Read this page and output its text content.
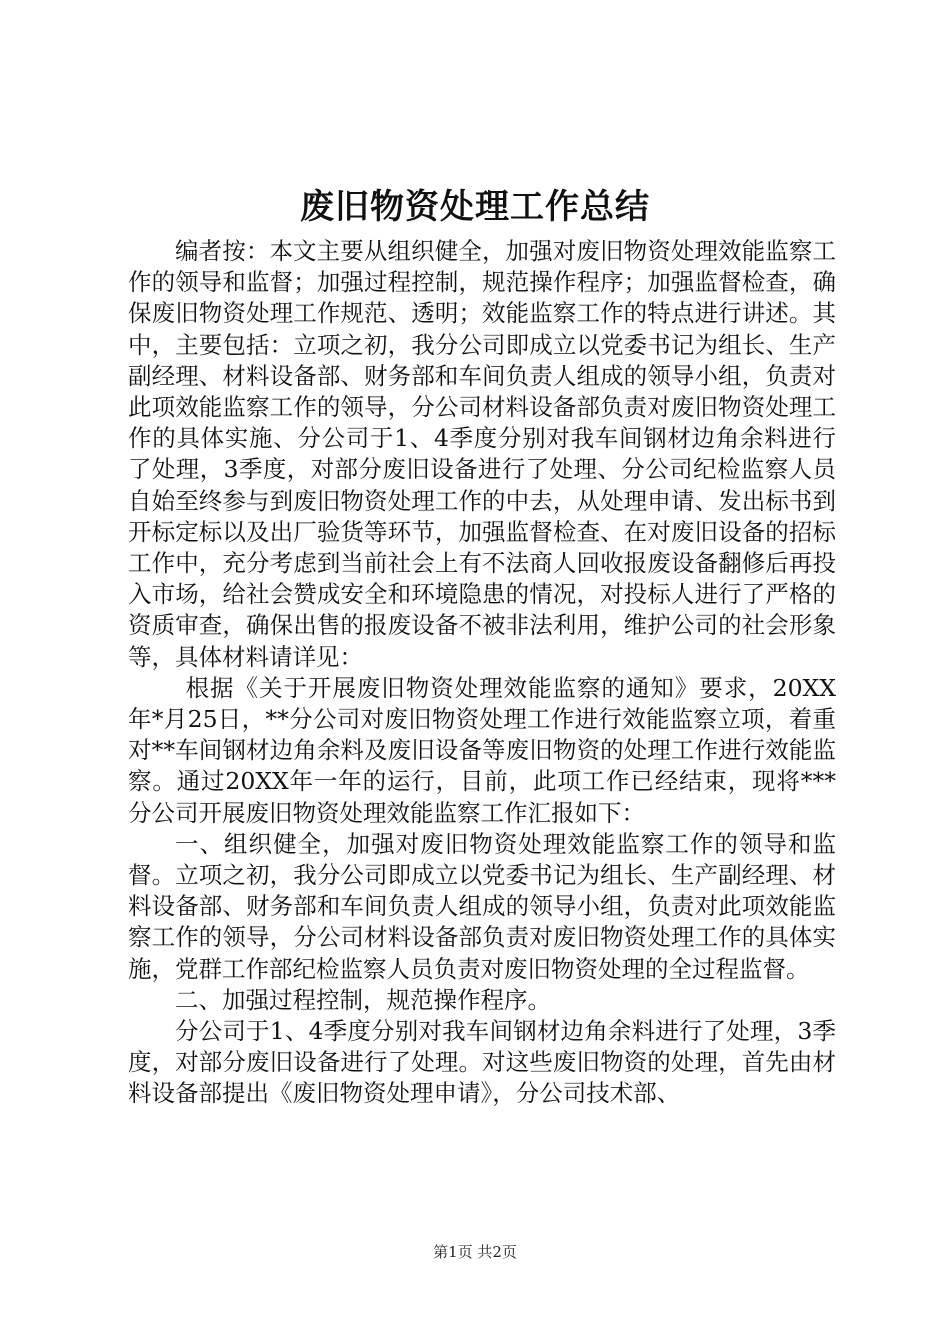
废旧物资处理工作总结

编者按：本文主要从组织健全，加强对废旧物资处理效能监察工作的领导和监督；加强过程控制，规范操作程序；加强监督检查，确保废旧物资处理工作规范、透明；效能监察工作的特点进行讲述。其中，主要包括：立项之初，我分公司即成立以党委书记为组长、生产副经理、材料设备部、财务部和车间负责人组成的领导小组，负责对此项效能监察工作的领导，分公司材料设备部负责对废旧物资处理工作的具体实施、分公司于1、4季度分别对我车间钢材边角余料进行了处理，3季度，对部分废旧设备进行了处理、分公司纪检监察人员自始至终参与到废旧物资处理工作的中去，从处理申请、发出标书到开标定标以及出厂验货等环节，加强监督检查、在对废旧设备的招标工作中，充分考虑到当前社会上有不法商人回收报废设备翻修后再投入市场，给社会赞成安全和环境隐患的情况，对投标人进行了严格的资质审查，确保出售的报废设备不被非法利用，维护公司的社会形象等，具体材料请详见：

根据《关于开展废旧物资处理效能监察的通知》要求，20XX年*月25日，**分公司对废旧物资处理工作进行效能监察立项，着重对**车间钢材边角余料及废旧设备等废旧物资的处理工作进行效能监察。通过20XX年一年的运行，目前，此项工作已经结束，现将***分公司开展废旧物资处理效能监察工作汇报如下：

一、组织健全，加强对废旧物资处理效能监察工作的领导和监督。立项之初，我分公司即成立以党委书记为组长、生产副经理、材料设备部、财务部和车间负责人组成的领导小组，负责对此项效能监察工作的领导，分公司材料设备部负责对废旧物资处理工作的具体实施，党群工作部纪检监察人员负责对废旧物资处理的全过程监督。

二、加强过程控制，规范操作程序。

分公司于1、4季度分别对我车间钢材边角余料进行了处理，3季度，对部分废旧设备进行了处理。对这些废旧物资的处理，首先由材料设备部提出《废旧物资处理申请》，分公司技术部、

第1页 共2页
